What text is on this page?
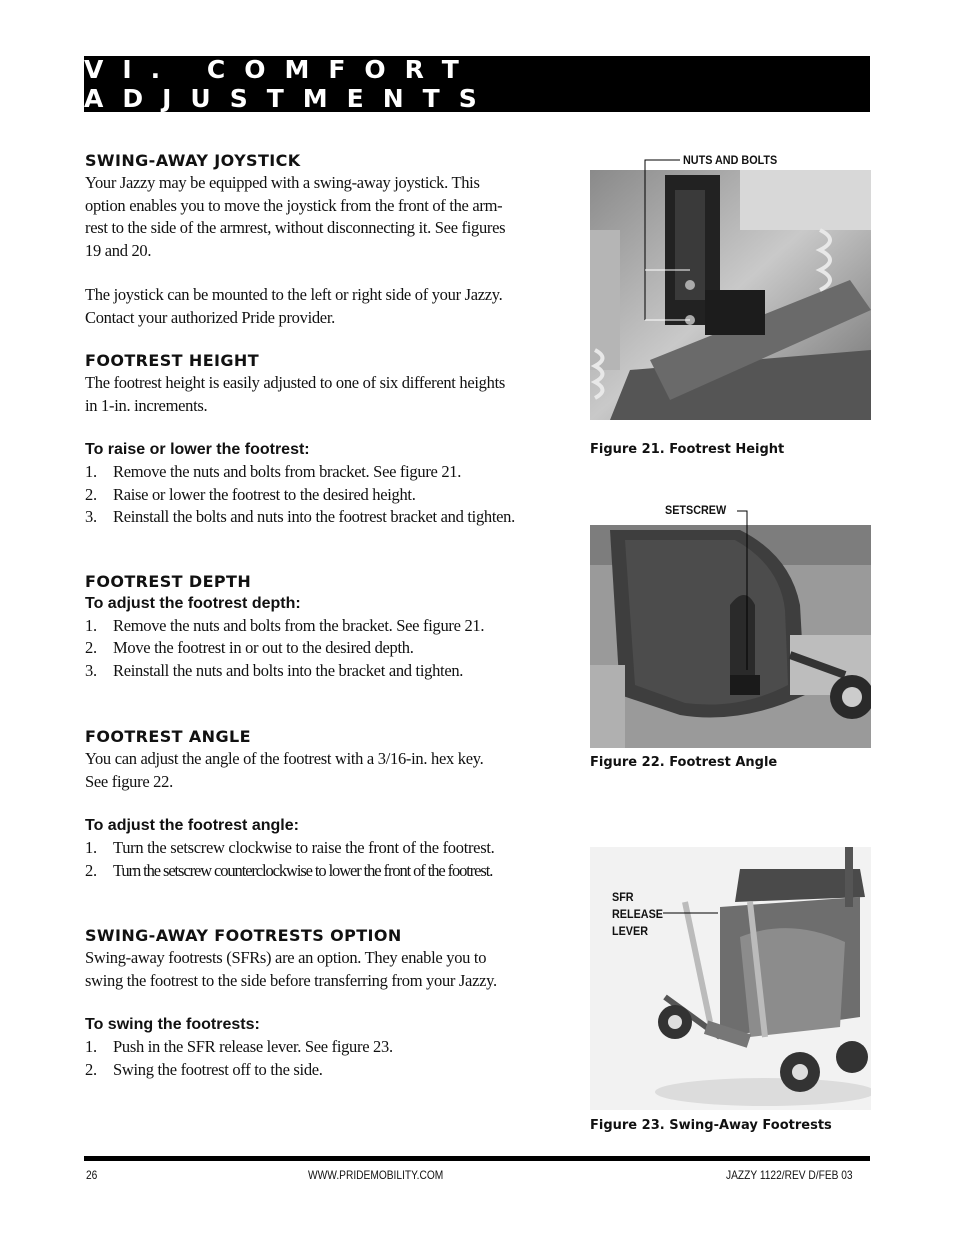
VI. COMFORT ADJUSTMENTS
SWING-AWAY JOYSTICK

Your Jazzy may be equipped with a swing-away joystick. This
option enables you to move the joystick from the front of the arm-
rest to the side of the armrest, without disconnecting it. See figures
19 and 20.

The joystick can be mounted to the left or right side of your Jazzy.
Contact your authorized Pride provider.

FOOTREST HEIGHT

The footrest height is easily adjusted to one of six different heights
in 1-in. increments.

To raise or lower the footrest:
1. Remove the nuts and bolts from bracket. See figure 21.
2. Raise or lower the footrest to the desired height.
3. Reinstall the bolts and nuts into the footrest bracket and tighten.
FOOTREST DEPTH
To adjust the footrest depth:
1. Remove the nuts and bolts from the bracket. See figure 21.
2. Move the footrest in or out to the desired depth.
3. Reinstall the nuts and bolts into the bracket and tighten.
FOOTREST ANGLE

You can adjust the angle of the footrest with a 3/16-in. hex key.
See figure 22.

To adjust the footrest angle:
1. Turn the setscrew clockwise to raise the front of the footrest.
2. Turn the setscrew counterclockwise to lower the front of the footrest.
SWING-AWAY FOOTRESTS OPTION

Swing-away footrests (SFRs) are an option. They enable you to
swing the footrest to the side before transferring from your Jazzy.

To swing the footrests:
1. Push in the SFR release lever. See figure 23.
2. Swing the footrest off to the side.
NUTS AND BOLTS
Figure 21. Footrest Height
SETSCREW
Figure 22. Footrest Angle
SFR
RELEASE
LEVER
Figure 23. Swing-Away Footrests
26	WWW.PRIDEMOBILITY.COM	JAZZY 1122/REV D/FEB 03
